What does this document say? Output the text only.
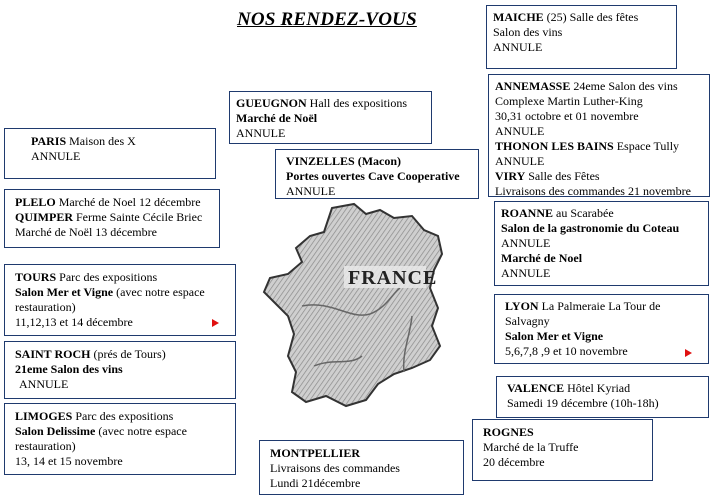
NOS RENDEZ-VOUS
FRANCE
MAICHE (25) Salle des fêtes
Salon des vins
ANNULE
ANNEMASSE 24eme Salon des vins
Complexe Martin Luther-King
30,31 octobre et 01 novembre
ANNULE
THONON LES BAINS Espace Tully
ANNULE
VIRY Salle des Fêtes
Livraisons des commandes 21 novembre
GUEUGNON Hall des expositions
Marché de Noël
ANNULE
PARIS Maison des X
ANNULE	VINZELLES (Macon)
Portes ouvertes Cave Cooperative
ANNULE
PLELO Marché de Noel 12 décembre
QUIMPER Ferme Sainte Cécile Briec
Marché de Noël 13 décembre
ROANNE au Scarabée
Salon de la gastronomie du Coteau
ANNULE
Marché de Noel
ANNULE
TOURS Parc des expositions
Salon Mer et Vigne (avec notre espace
restauration)
11,12,13 et 14 décembre
LYON La Palmeraie La Tour de
Salvagny
Salon Mer et Vigne
5,6,7,8 ,9 et 10 novembre
SAINT ROCH (prés de Tours)
21eme Salon des vins
ANNULE	VALENCE Hôtel Kyriad
Samedi 19 décembre (10h-18h)
LIMOGES Parc des expositions
Salon Delissime (avec notre espace
restauration)
13, 14 et 15 novembre
ROGNES
Marché de la Truffe
20 décembre
MONTPELLIER
Livraisons des commandes
Lundi 21décembre
